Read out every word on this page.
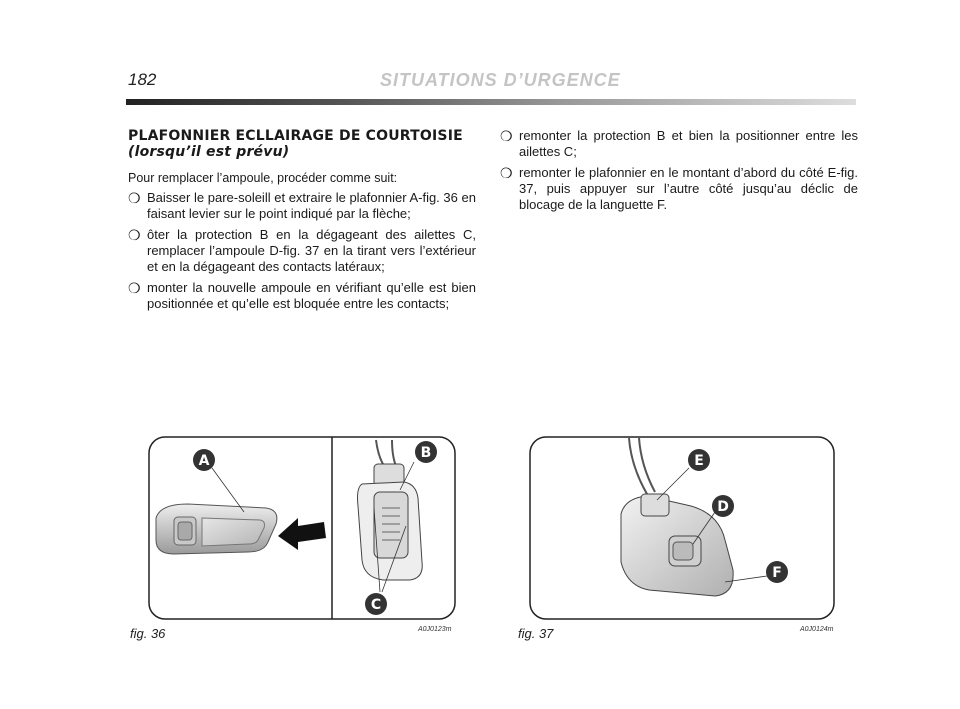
182	SITUATIONS D’URGENCE

PLAFONNIER ECLLAIRAGE DE COURTOISIE

(lorsqu’il est prévu)

Pour remplacer l’ampoule, procéder comme suit:

❍ Baisser le pare-soleill et extraire le plafonnier A-fig. 36 en faisant levier sur le point indiqué par la flèche;
❍ ôter la protection B en la dégageant des ailettes C, remplacer l’ampoule D-fig. 37 en la tirant vers l’extérieur et en la dégageant des contacts latéraux;
❍ monter la nouvelle ampoule en vérifiant qu’elle est bien positionnée et qu’elle est bloquée entre les contacts;
❍ remonter la protection B et bien la positionner entre les ailettes C;
❍ remonter le plafonnier en le montant d’abord du côté E-fig. 37, puis appuyer sur l’autre côté jusqu’au déclic de blocage de la languette F.
A	B
C
fig. 36	A0J0123m
E
D
F
fig. 37	A0J0124m
